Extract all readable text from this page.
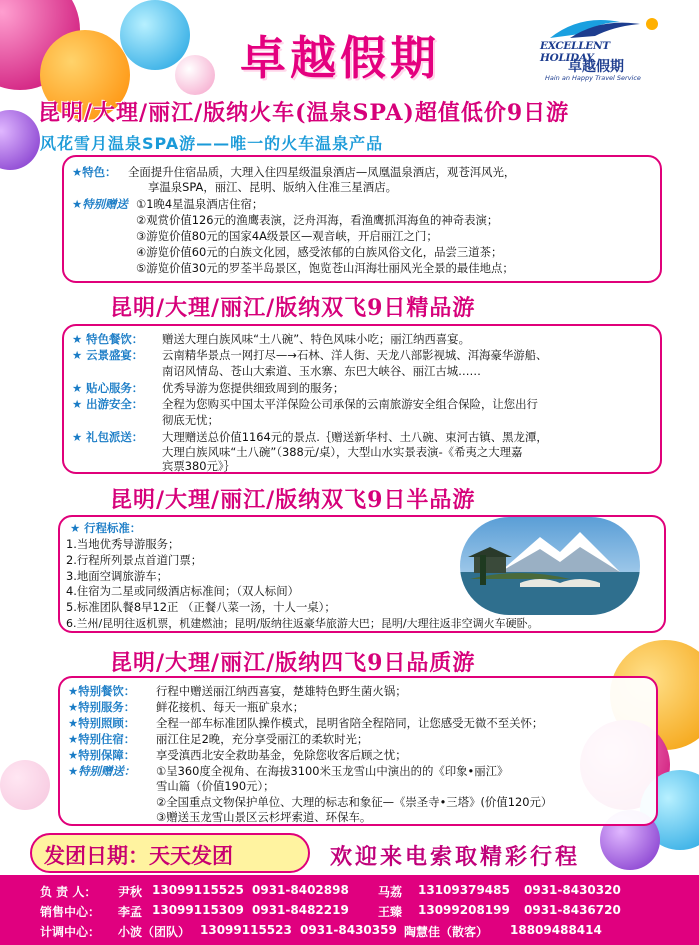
卓越假期	EXCELLENT HOLIDAY
卓越假期
Hain an Happy Travel Service
昆明/大理/丽江/版纳火车(温泉SPA)超值低价9日游
风花雪月温泉SPA游——唯一的火车温泉产品
★特色： 全面提升住宿品质，大理入住四星级温泉酒店—凤凰温泉酒店，观苍洱风光，
享温泉SPA，丽江、昆明、版纳入住准三星酒店。
★特别赠送 ①1晚4星温泉酒店住宿；
②观赏价值126元的渔鹰表演，泛舟洱海，看渔鹰抓洱海鱼的神奇表演；
③游览价值80元的国家4A级景区—观音峡，开启丽江之门；
④游览价值60元的白族文化园，感受浓郁的白族风俗文化，品尝三道茶；
⑤游览价值30元的罗荃半岛景区，饱览苍山洱海壮丽风光全景的最佳地点；
昆明/大理/丽江/版纳双飞9日精品游
★ 特色餐饮： 赠送大理白族风味“土八碗”、特色风味小吃；丽江纳西喜宴。
★ 云景盛宴： 云南精华景点一网打尽—→石林、洋人街、天龙八部影视城、洱海豪华游船、
南诏风情岛、苍山大索道、玉水寨、东巴大峡谷、丽江古城……
★ 贴心服务： 优秀导游为您提供细致周到的服务；
★ 出游安全： 全程为您购买中国太平洋保险公司承保的云南旅游安全组合保险，让您出行
彻底无忧；
★ 礼包派送： 大理赠送总价值1164元的景点.｛赠送新华村、土八碗、束河古镇、黑龙潭，
大理白族风味“土八碗”（388元/桌），大型山水实景表演-《希夷之大理嘉
宾票380元》｝
昆明/大理/丽江/版纳双飞9日半品游
★ 行程标准：
1.当地优秀导游服务；
2.行程所列景点首道门票；
3.地面空调旅游车；
4.住宿为二星或同级酒店标准间；（双人标间）
5.标准团队餐8早12正 （正餐八菜一汤，十人一桌）；
6.兰州/昆明往返机票，机建燃油；昆明/版纳往返豪华旅游大巴；昆明/大理往返非空调火车硬卧。
昆明/大理/丽江/版纳四飞9日品质游
★特别餐饮： 行程中赠送丽江纳西喜宴，楚雄特色野生菌火锅；
★特别服务： 鲜花接机、每天一瓶矿泉水；
★特别照顾： 全程一部车标准团队操作模式，昆明省陪全程陪同，让您感受无微不至关怀；
★特别住宿： 丽江住足2晚，充分享受丽江的柔软时光；
★特别保障： 享受滇西北安全救助基金，免除您收客后顾之忧；
★特别赠送： ①呈360度全视角、在海拔3100米玉龙雪山中演出的的《印象•丽江》
雪山篇（价值190元）；
②全国重点文物保护单位、大理的标志和象征—《崇圣寺•三塔》(价值120元）
③赠送玉龙雪山景区云杉坪索道、环保车。
发团日期：天天发团	欢迎来电索取精彩行程
负 责 人： 尹秋 13099115525 0931-8402898 马荔 13109379485 0931-8430320
销售中心： 李孟 13099115309 0931-8482219 王臻 13099208199 0931-8436720
计调中心： 小波（团队） 13099115523 0931-8430359 陶慧佳（散客） 18809488414
